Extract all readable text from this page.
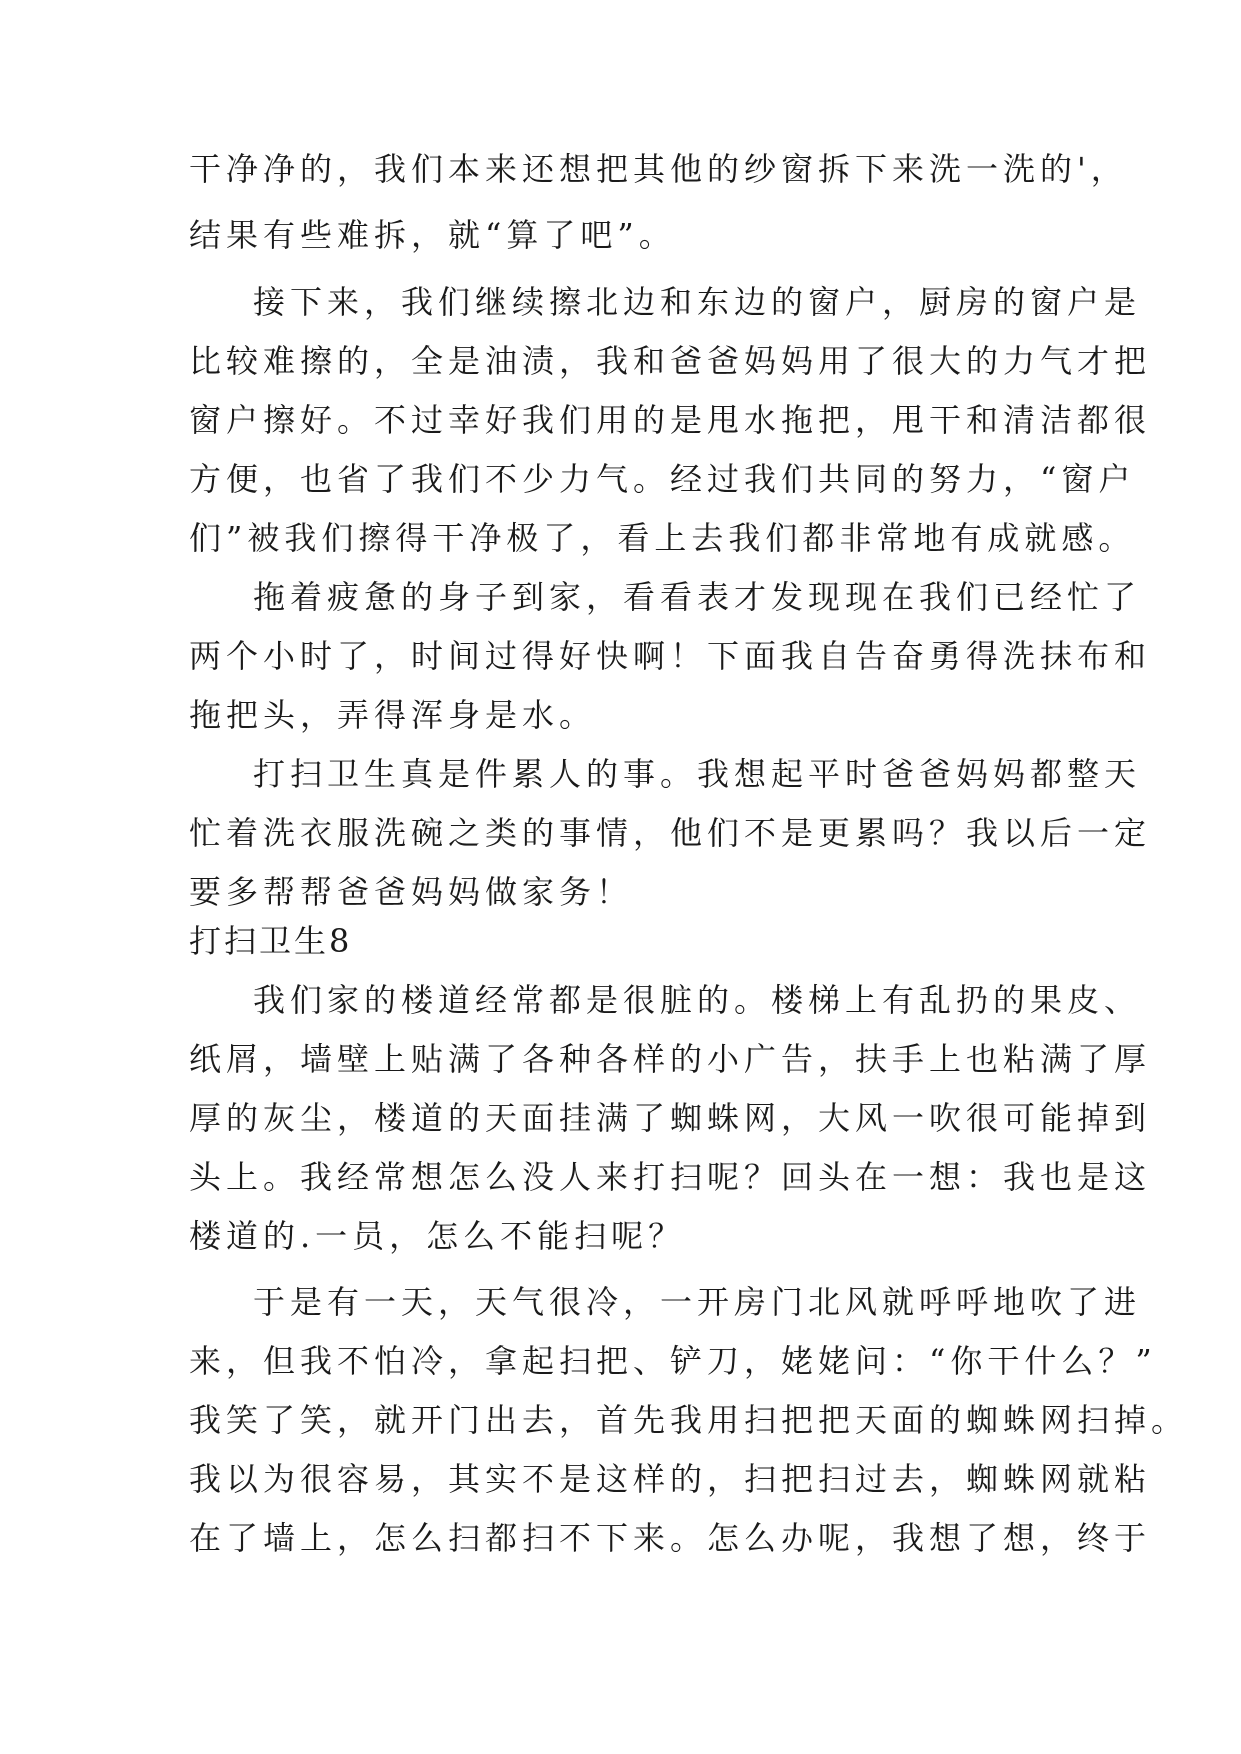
干净净的，我们本来还想把其他的纱窗拆下来洗一洗的'，

结果有些难拆，就“算了吧”。

接下来，我们继续擦北边和东边的窗户，厨房的窗户是

比较难擦的，全是油渍，我和爸爸妈妈用了很大的力气才把

窗户擦好。不过幸好我们用的是甩水拖把，甩干和清洁都很

方便，也省了我们不少力气。经过我们共同的努力，“窗户

们”被我们擦得干净极了，看上去我们都非常地有成就感。

拖着疲惫的身子到家，看看表才发现现在我们已经忙了

两个小时了，时间过得好快啊！下面我自告奋勇得洗抹布和

拖把头，弄得浑身是水。

打扫卫生真是件累人的事。我想起平时爸爸妈妈都整天

忙着洗衣服洗碗之类的事情，他们不是更累吗？我以后一定

要多帮帮爸爸妈妈做家务！

打扫卫生8

我们家的楼道经常都是很脏的。楼梯上有乱扔的果皮、

纸屑，墙壁上贴满了各种各样的小广告，扶手上也粘满了厚

厚的灰尘，楼道的天面挂满了蜘蛛网，大风一吹很可能掉到

头上。我经常想怎么没人来打扫呢？回头在一想：我也是这

楼道的.一员，怎么不能扫呢？

于是有一天，天气很冷，一开房门北风就呼呼地吹了进

来，但我不怕冷，拿起扫把、铲刀，姥姥问：“你干什么？”

我笑了笑，就开门出去，首先我用扫把把天面的蜘蛛网扫掉。

我以为很容易，其实不是这样的，扫把扫过去，蜘蛛网就粘

在了墙上，怎么扫都扫不下来。怎么办呢，我想了想，终于
